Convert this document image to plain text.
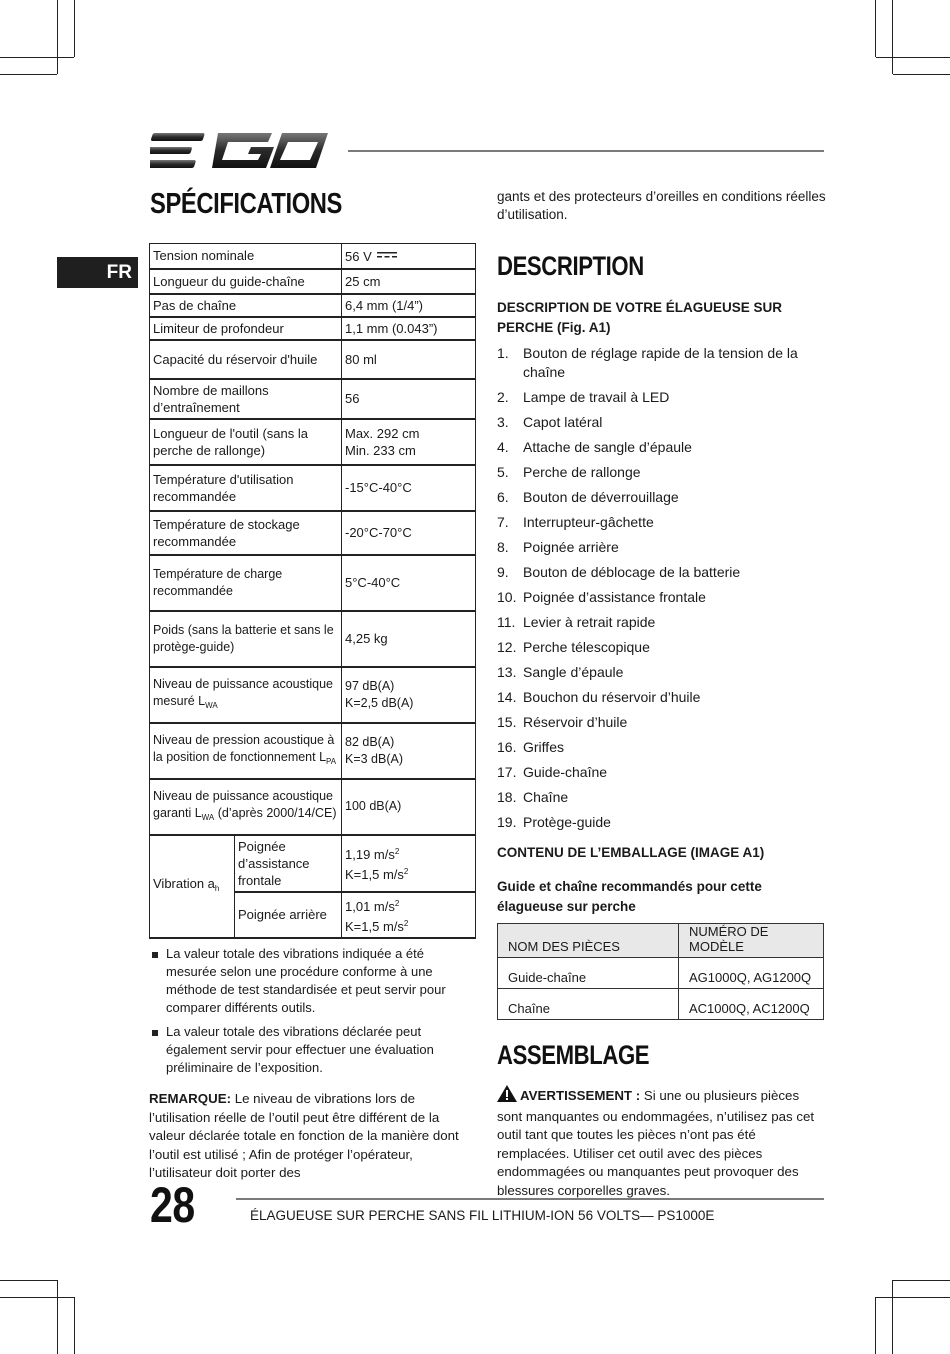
FR
SPÉCIFICATIONS
Tension nominale		56 V
Longueur du guide-chaîne		25 cm
Pas de chaîne		6,4 mm (1/4”)
Limiteur de profondeur		1,1 mm (0.043”)
Capacité du réservoir d'huile		80 ml
Nombre de maillons d’entraînement		56
Longueur de l'outil (sans la perche de rallonge)		Max. 292 cm
Min. 233 cm

Température d'utilisation recommandée		-15°C-40°C
Température de stockage recommandée		-20°C-70°C
Température de charge recommandée		5°C-40°C
Poids (sans la batterie et sans le protège-guide)		4,25 kg
Niveau de puissance acoustique mesuré $L_{WA}$		97 dB(A)
K=2,5 dB(A)

Niveau de pression acoustique à la position de fonctionnement $L_{PA}$		82 dB(A)
K=3 dB(A)

Niveau de puissance acoustique garanti $L_{WA}$ (d’après 2000/14/CE)		100 dB(A)
Vibration $a_h$	Poignée d’assistance frontale	1,19 $m/s^2$
K=1,5 $m/s^2$

	Poignée arrière	1,01 $m/s^2$
K=1,5 $m/s^2$
La valeur totale des vibrations indiquée a été mesurée selon une procédure conforme à une méthode de test standardisée et peut servir pour comparer différents outils.
La valeur totale des vibrations déclarée peut également servir pour effectuer une évaluation préliminaire de l’exposition.
REMARQUE: Le niveau de vibrations lors de l’utilisation réelle de l’outil peut être différent de la valeur déclarée totale en fonction de la manière dont l’outil est utilisé ; Afin de protéger l’opérateur, l’utilisateur doit porter des
gants et des protecteurs d’oreilles en conditions réelles d’utilisation.
DESCRIPTION
DESCRIPTION DE VOTRE ÉLAGUEUSE SUR PERCHE (Fig. A1)
1. Bouton de réglage rapide de la tension de la chaîne
2. Lampe de travail à LED
3. Capot latéral
4. Attache de sangle d’épaule
5. Perche de rallonge
6. Bouton de déverrouillage
7. Interrupteur-gâchette
8. Poignée arrière
9. Bouton de déblocage de la batterie
10. Poignée d’assistance frontale
11. Levier à retrait rapide
12. Perche télescopique
13. Sangle d’épaule
14. Bouchon du réservoir d’huile
15. Réservoir d’huile
16. Griffes
17. Guide-chaîne
18. Chaîne
19. Protège-guide
CONTENU DE L’EMBALLAGE (IMAGE A1)
Guide et chaîne recommandés pour cette élagueuse sur perche
NOM DES PIÈCES	NUMÉRO DE MODÈLE
Guide-chaîne	AG1000Q, AG1200Q
Chaîne	AC1000Q, AC1200Q
ASSEMBLAGE
AVERTISSEMENT : Si une ou plusieurs pièces sont manquantes ou endommagées, n’utilisez pas cet outil tant que toutes les pièces n’ont pas été remplacées. Utiliser cet outil avec des pièces endommagées ou manquantes peut provoquer des blessures corporelles graves.
28	ÉLAGUEUSE SUR PERCHE SANS FIL LITHIUM-ION 56 VOLTS— PS1000E
